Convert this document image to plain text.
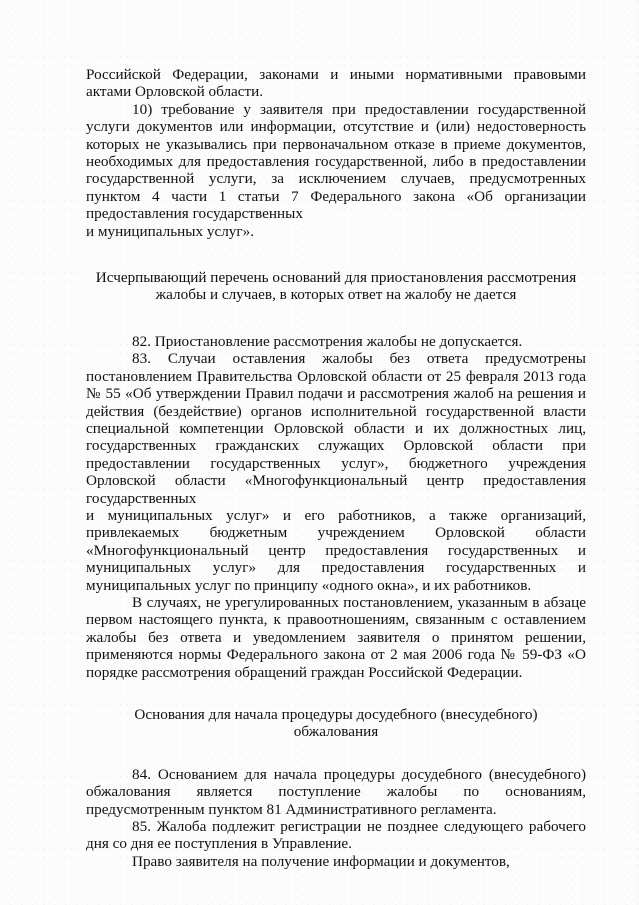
Российской Федерации, законами и иными нормативными правовыми актами Орловской области.

10) требование у заявителя при предоставлении государственной услуги документов или информации, отсутствие и (или) недостоверность которых не указывались при первоначальном отказе в приеме документов, необходимых для предоставления государственной, либо в предоставлении государственной услуги, за исключением случаев, предусмотренных пунктом 4 части 1 статьи 7 Федерального закона «Об организации предоставления государственных

и муниципальных услуг».

Исчерпывающий перечень оснований для приостановления рассмотрения жалобы и случаев, в которых ответ на жалобу не дается

82. Приостановление рассмотрения жалобы не допускается.

83. Случаи оставления жалобы без ответа предусмотрены постановлением Правительства Орловской области от 25 февраля 2013 года № 55 «Об утверждении Правил подачи и рассмотрения жалоб на решения и действия (бездействие) органов исполнительной государственной власти специальной компетенции Орловской области и их должностных лиц, государственных гражданских служащих Орловской области при предоставлении государственных услуг», бюджетного учреждения Орловской области «Многофункциональный центр предоставления государственных

и муниципальных услуг» и его работников, а также организаций, привлекаемых бюджетным учреждением Орловской области «Многофункциональный центр предоставления государственных и муниципальных услуг» для предоставления государственных и муниципальных услуг по принципу «одного окна», и их работников.

В случаях, не урегулированных постановлением, указанным в абзаце первом настоящего пункта, к правоотношениям, связанным с оставлением жалобы без ответа и уведомлением заявителя о принятом решении, применяются нормы Федерального закона от 2 мая 2006 года № 59-ФЗ «О порядке рассмотрения обращений граждан Российской Федерации.

Основания для начала процедуры досудебного (внесудебного) обжалования

84. Основанием для начала процедуры досудебного (внесудебного) обжалования является поступление жалобы по основаниям, предусмотренным пунктом 81 Административного регламента.

85. Жалоба подлежит регистрации не позднее следующего рабочего дня со дня ее поступления в Управление.

Право заявителя на получение информации и документов,
